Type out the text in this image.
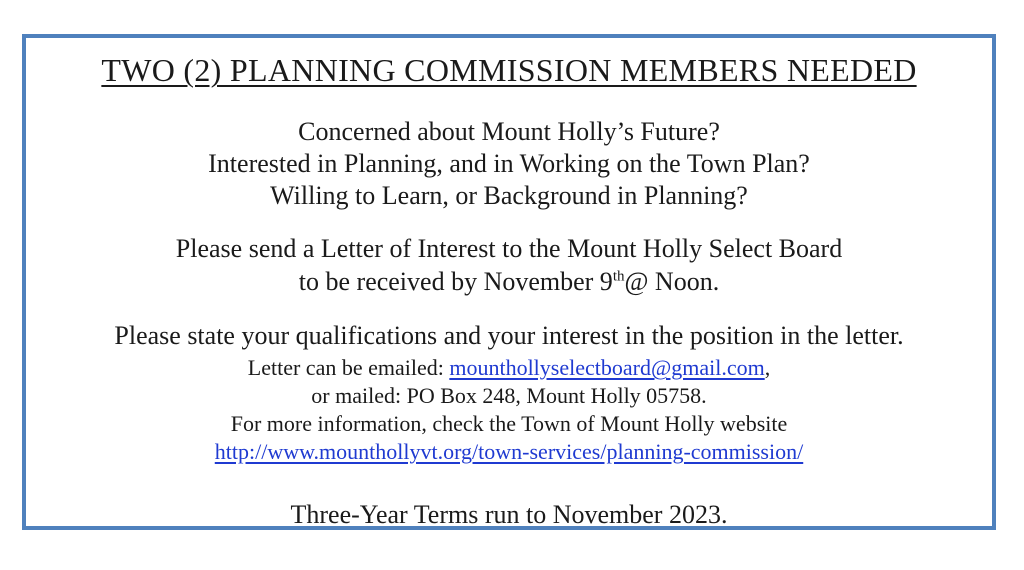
TWO (2) PLANNING COMMISSION MEMBERS NEEDED
Concerned about Mount Holly’s Future?
Interested in Planning, and in Working on the Town Plan?
Willing to Learn, or Background in Planning?
Please send a Letter of Interest to the Mount Holly Select Board
to be received by November 9th@ Noon.
Please state your qualifications and your interest in the position in the letter.
Letter can be emailed: mounthollyselectboard@gmail.com,
or mailed: PO Box 248, Mount Holly 05758.
For more information, check the Town of Mount Holly website
http://www.mounthollyvt.org/town-services/planning-commission/
Three-Year Terms run to November 2023.
